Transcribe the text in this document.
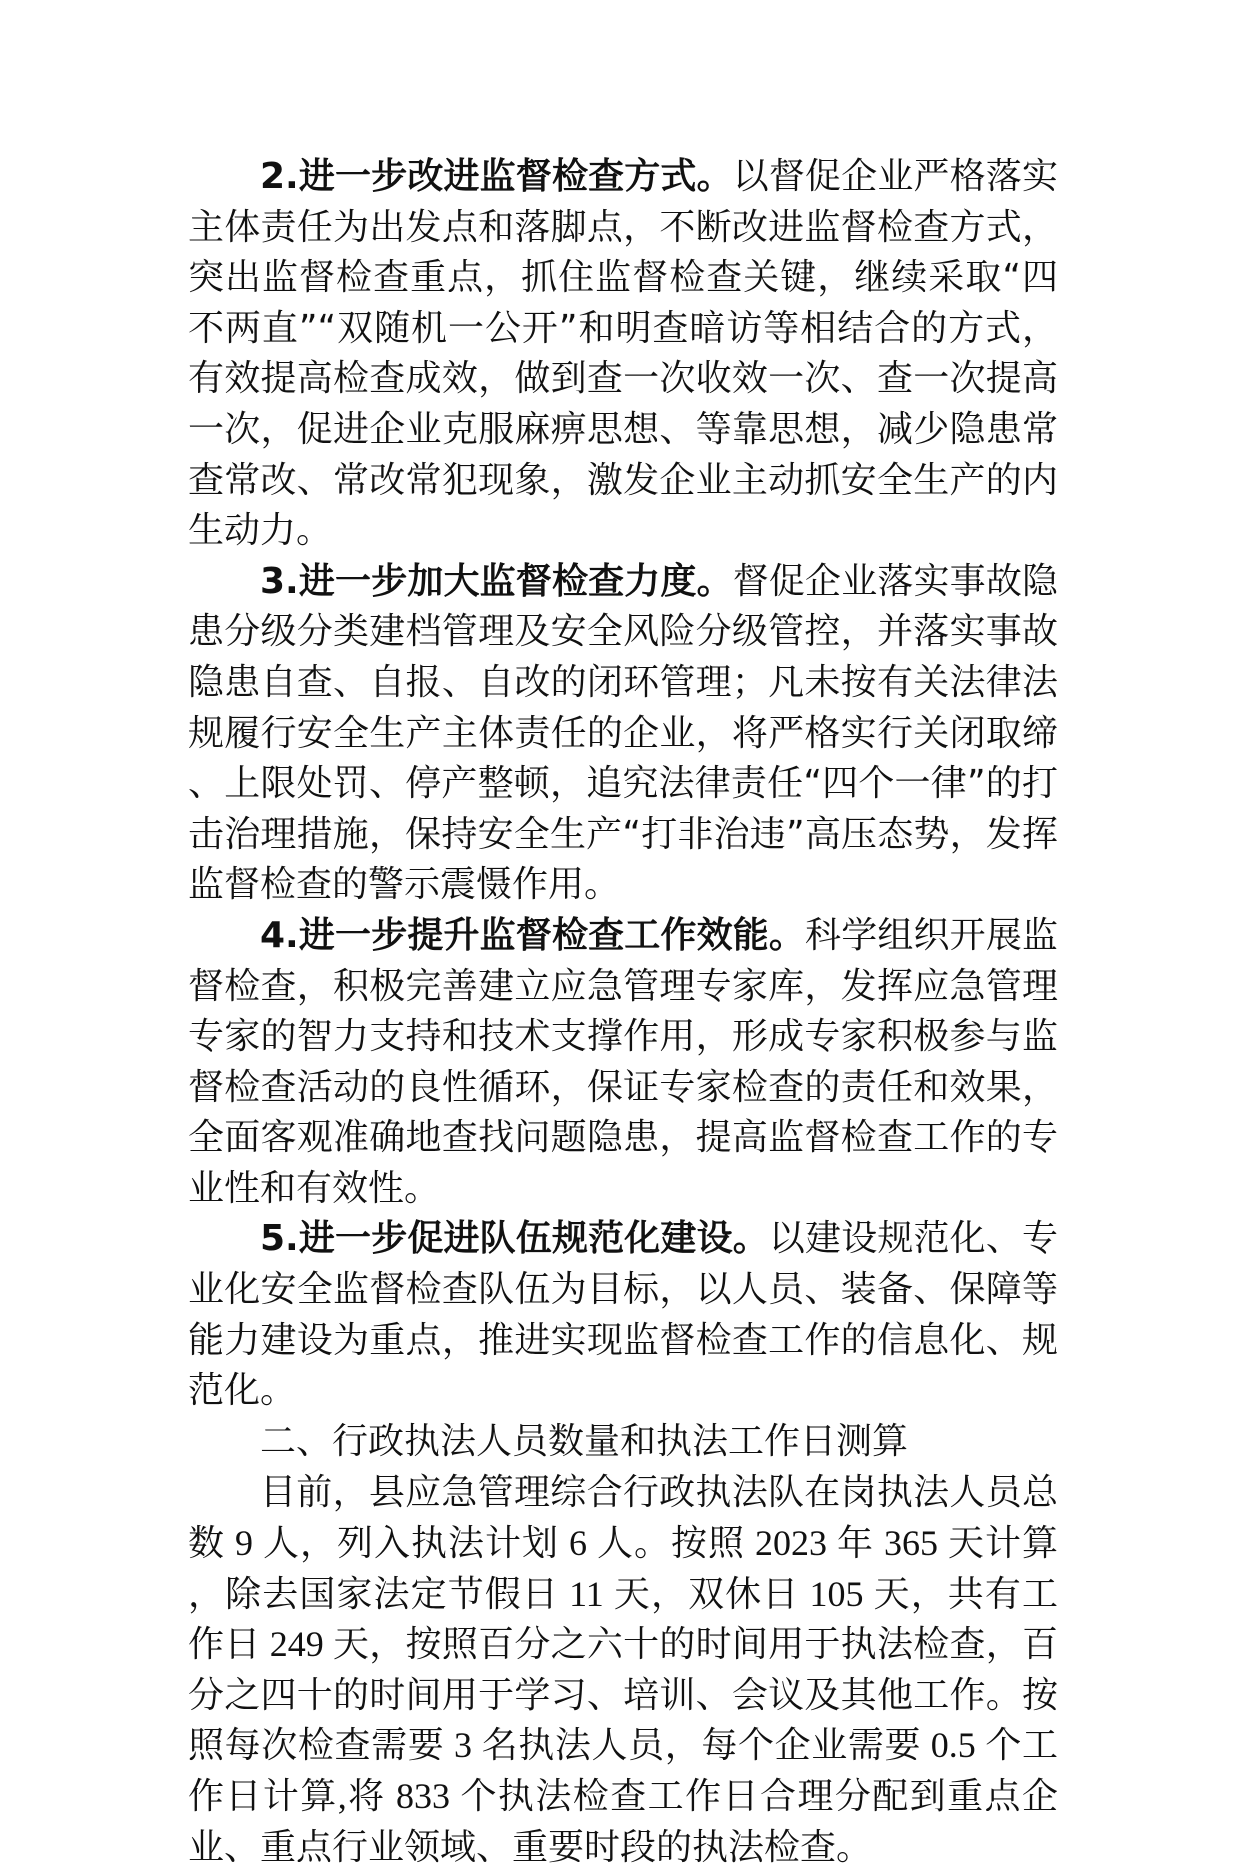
2.进一步改进监督检查方式。以督促企业严格落实主体责任为出发点和落脚点，不断改进监督检查方式，突出监督检查重点，抓住监督检查关键，继续采取“四不两直”“双随机一公开”和明查暗访等相结合的方式，有效提高检查成效，做到查一次收效一次、查一次提高一次，促进企业克服麻痹思想、等靠思想，减少隐患常查常改、常改常犯现象，激发企业主动抓安全生产的内生动力。

3.进一步加大监督检查力度。督促企业落实事故隐患分级分类建档管理及安全风险分级管控，并落实事故隐患自查、自报、自改的闭环管理；凡未按有关法律法规履行安全生产主体责任的企业，将严格实行关闭取缔、上限处罚、停产整顿，追究法律责任“四个一律”的打击治理措施，保持安全生产“打非治违”高压态势，发挥监督检查的警示震慑作用。

4.进一步提升监督检查工作效能。科学组织开展监督检查，积极完善建立应急管理专家库，发挥应急管理专家的智力支持和技术支撑作用，形成专家积极参与监督检查活动的良性循环，保证专家检查的责任和效果，全面客观准确地查找问题隐患，提高监督检查工作的专业性和有效性。

5.进一步促进队伍规范化建设。以建设规范化、专业化安全监督检查队伍为目标，以人员、装备、保障等能力建设为重点，推进实现监督检查工作的信息化、规范化。

二、行政执法人员数量和执法工作日测算

目前，县应急管理综合行政执法队在岗执法人员总数 9 人，列入执法计划 6 人。按照 2023 年 365 天计算，除去国家法定节假日 11 天，双休日 105 天，共有工作日 249 天，按照百分之六十的时间用于执法检查，百分之四十的时间用于学习、培训、会议及其他工作。按照每次检查需要 3 名执法人员，每个企业需要 0.5 个工作日计算,将 833 个执法检查工作日合理分配到重点企业、重点行业领域、重要时段的执法检查。
